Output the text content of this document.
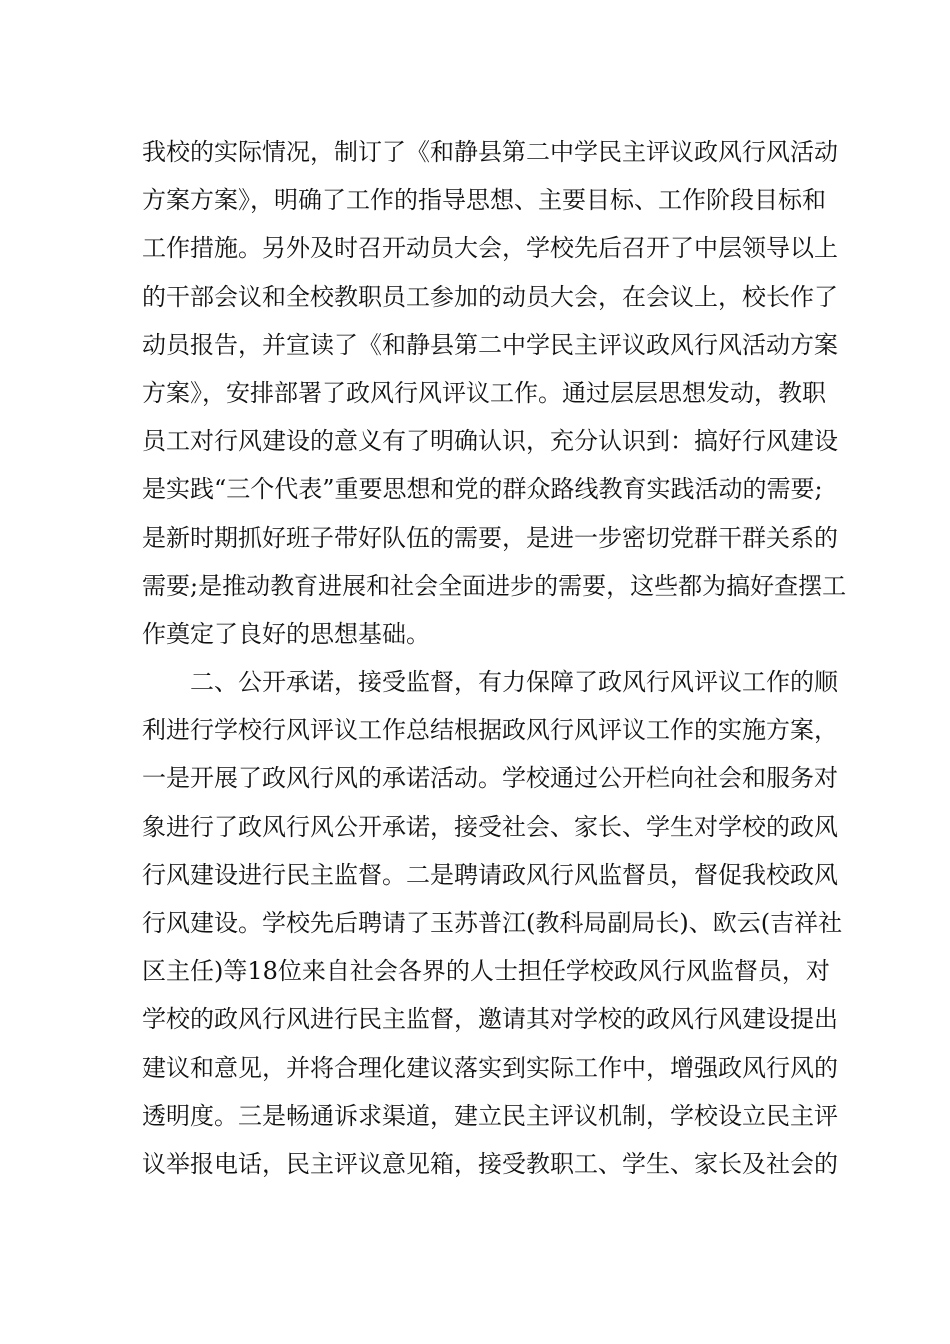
我校的实际情况，制订了《和静县第二中学民主评议政风行风活动
方案方案》，明确了工作的指导思想、主要目标、工作阶段目标和
工作措施。另外及时召开动员大会，学校先后召开了中层领导以上
的干部会议和全校教职员工参加的动员大会，在会议上，校长作了
动员报告，并宣读了《和静县第二中学民主评议政风行风活动方案
方案》，安排部署了政风行风评议工作。通过层层思想发动，教职
员工对行风建设的意义有了明确认识，充分认识到：搞好行风建设
是实践“三个代表”重要思想和党的群众路线教育实践活动的需要;
是新时期抓好班子带好队伍的需要，是进一步密切党群干群关系的
需要;是推动教育进展和社会全面进步的需要，这些都为搞好查摆工
作奠定了良好的思想基础。
二、公开承诺，接受监督，有力保障了政风行风评议工作的顺
利进行学校行风评议工作总结根据政风行风评议工作的实施方案，
一是开展了政风行风的承诺活动。学校通过公开栏向社会和服务对
象进行了政风行风公开承诺，接受社会、家长、学生对学校的政风
行风建设进行民主监督。二是聘请政风行风监督员，督促我校政风
行风建设。学校先后聘请了玉苏普江(教科局副局长)、欧云(吉祥社
区主任)等18位来自社会各界的人士担任学校政风行风监督员，对
学校的政风行风进行民主监督，邀请其对学校的政风行风建设提出
建议和意见，并将合理化建议落实到实际工作中，增强政风行风的
透明度。三是畅通诉求渠道，建立民主评议机制，学校设立民主评
议举报电话，民主评议意见箱，接受教职工、学生、家长及社会的
